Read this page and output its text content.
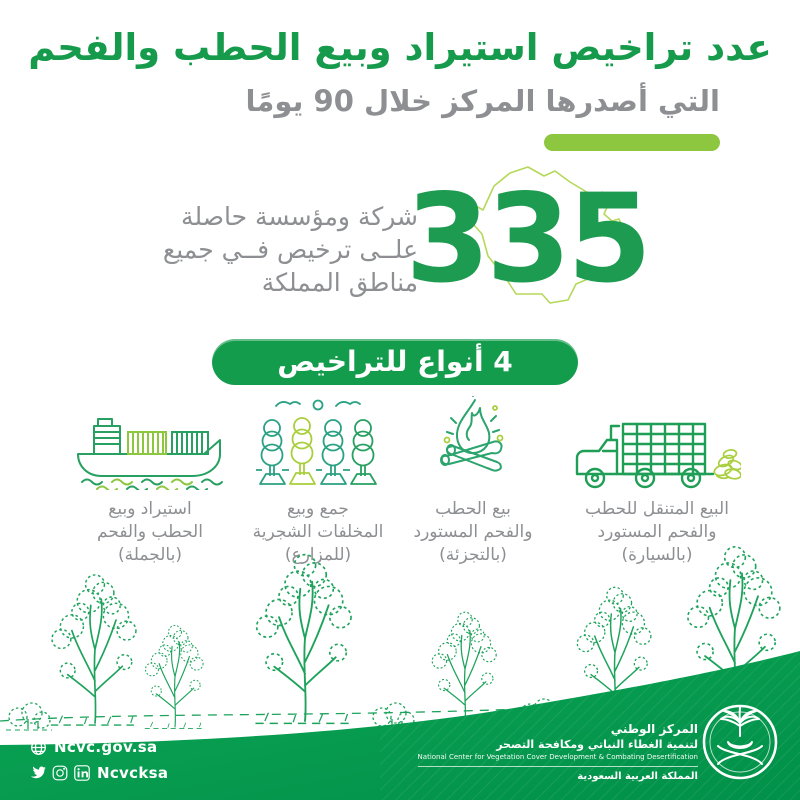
عدد تراخيص استيراد وبيع الحطب والفحم
التي أصدرها المركز خلال 90 يومًا
335
شركة ومؤسسة حاصلة
علــى ترخيص فــي جميع
مناطق المملكة
4 أنواع للتراخيص
استيراد وبيع
الحطب والفحم
(بالجملة)
جمع وبيع
المخلفات الشجرية
(للمزارع)
بيع الحطب
والفحم المستورد
(بالتجزئة)
البيع المتنقل للحطب
والفحم المستورد
(بالسيارة)
Ncvc.gov.sa
Ncvcksa
المركز الوطني
لتنمية الغطاء النباتي ومكافحة التصحر
National Center for Vegetation Cover Development & Combating Desertification
المملكة العربية السعودية
